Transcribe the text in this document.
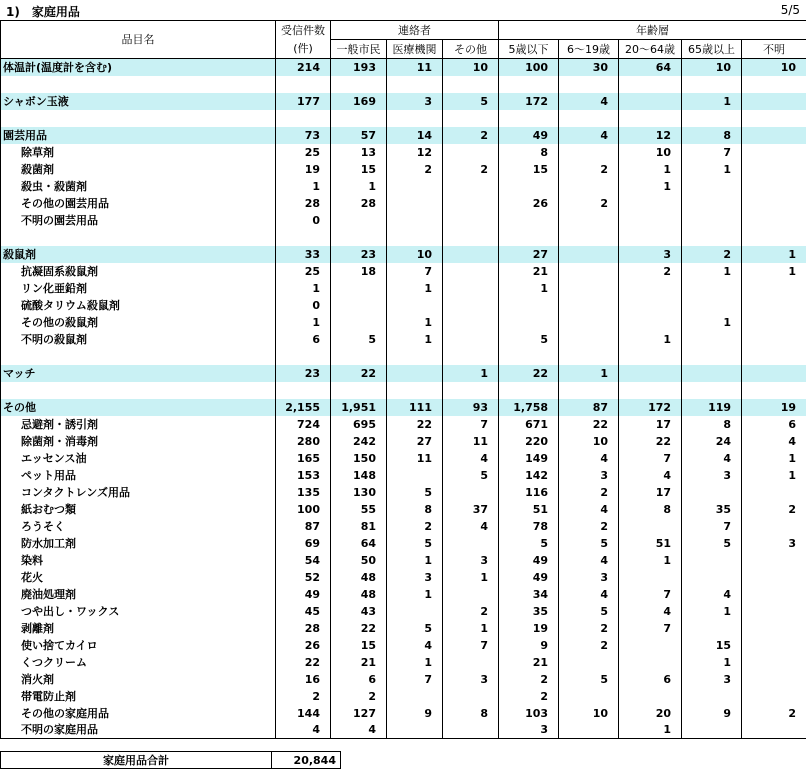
1)　家庭用品	5/5
品目名	受信件数	連絡者			年齢層				
	(件)	一般市民	医療機関	その他	5歳以下	6～19歳	20～64歳	65歳以上	不明
体温計(温度計を含む)	214	193	11	10	100	30	64	10	10

シャボン玉液	177	169	3	5	172	4		1	

園芸用品	73	57	14	2	49	4	12	8	
除草剤	25	13	12		8		10	7	
殺菌剤	19	15	2	2	15	2	1	1	
殺虫・殺菌剤	1	1					1		
その他の園芸用品	28	28			26	2			
不明の園芸用品	0								

殺鼠剤	33	23	10		27		3	2	1
抗凝固系殺鼠剤	25	18	7		21		2	1	1
リン化亜鉛剤	1		1		1				
硫酸タリウム殺鼠剤	0								
その他の殺鼠剤	1		1					1	
不明の殺鼠剤	6	5	1		5		1		

マッチ	23	22		1	22	1			

その他	2,155	1,951	111	93	1,758	87	172	119	19
忌避剤・誘引剤	724	695	22	7	671	22	17	8	6
除菌剤・消毒剤	280	242	27	11	220	10	22	24	4
エッセンス油	165	150	11	4	149	4	7	4	1
ペット用品	153	148		5	142	3	4	3	1
コンタクトレンズ用品	135	130	5		116	2	17		
紙おむつ類	100	55	8	37	51	4	8	35	2
ろうそく	87	81	2	4	78	2		7	
防水加工剤	69	64	5		5	5	51	5	3
染料	54	50	1	3	49	4	1		
花火	52	48	3	1	49	3			
廃油処理剤	49	48	1		34	4	7	4	
つや出し・ワックス	45	43		2	35	5	4	1	
剥離剤	28	22	5	1	19	2	7		
使い捨てカイロ	26	15	4	7	9	2		15	
くつクリーム	22	21	1		21			1	
消火剤	16	6	7	3	2	5	6	3	
帯電防止剤	2	2			2				
その他の家庭用品	144	127	9	8	103	10	20	9	2
不明の家庭用品	4	4			3		1		
家庭用品合計	20,844
